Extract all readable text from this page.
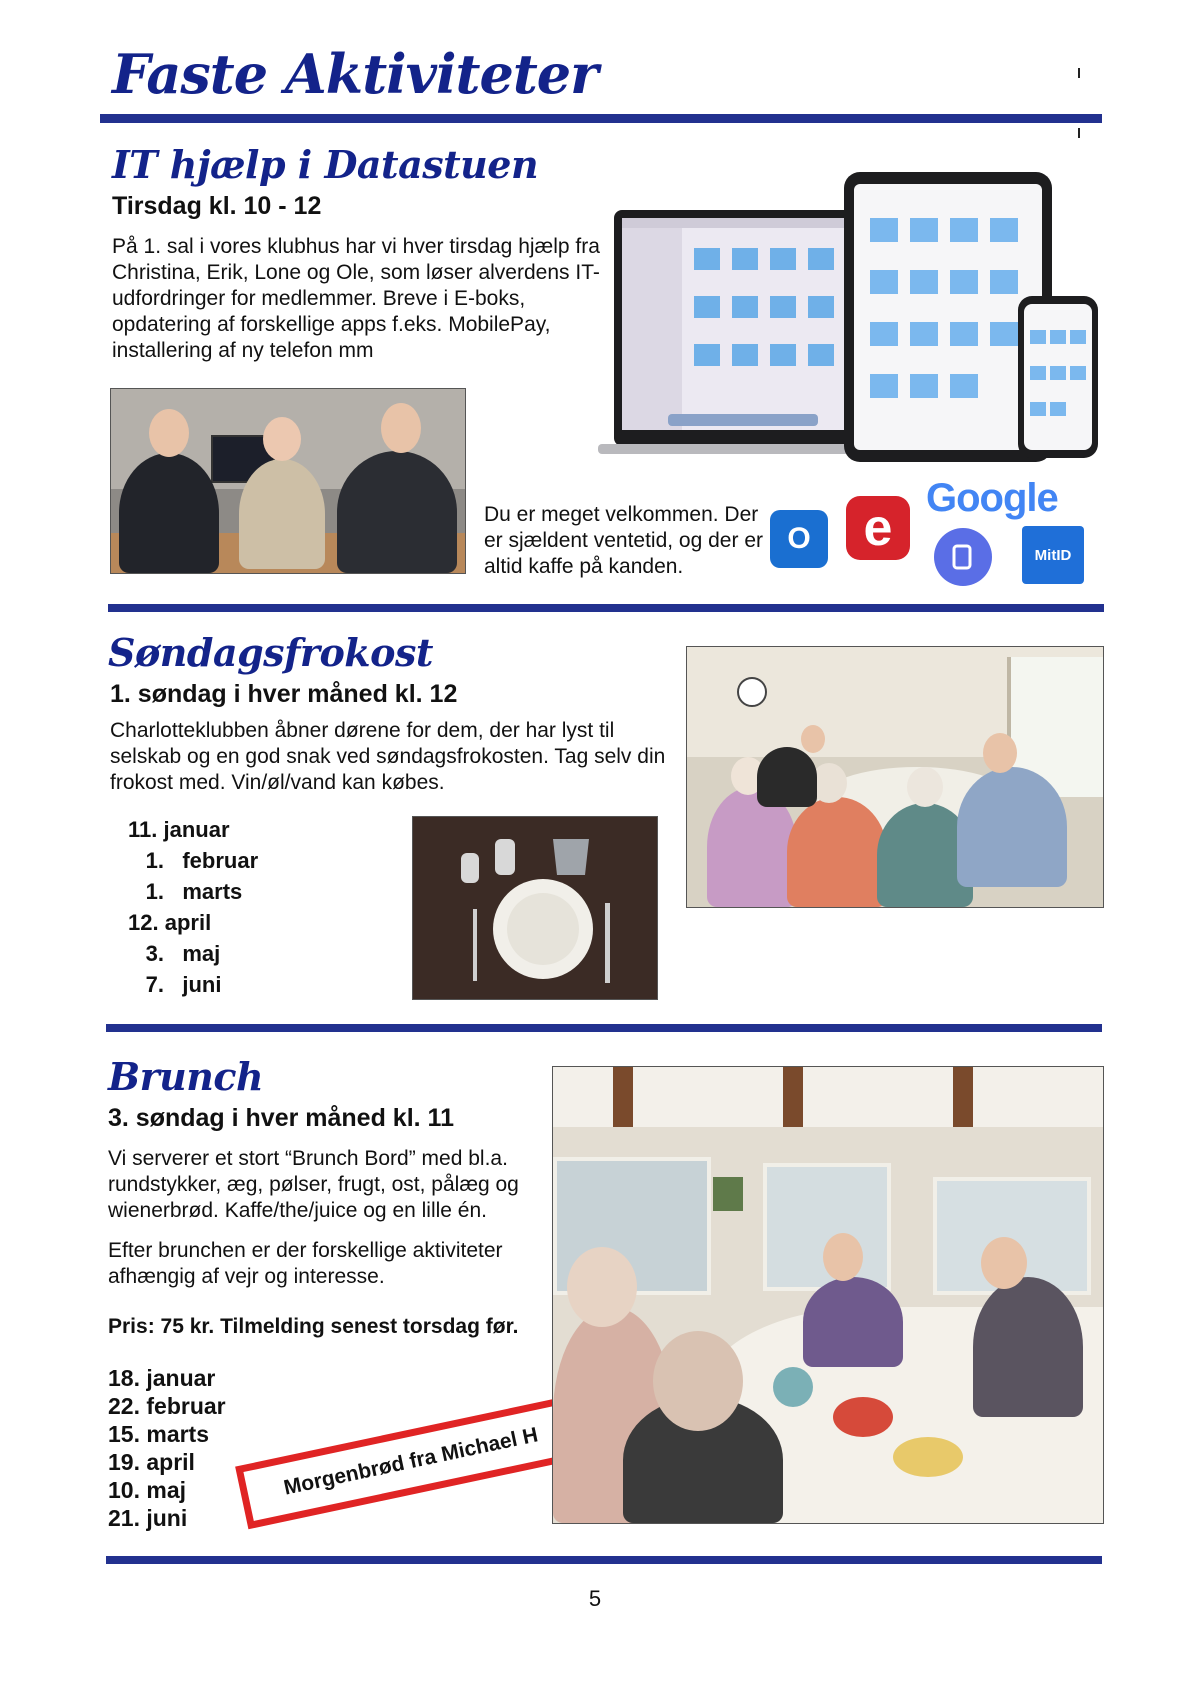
Faste Aktiviteter
IT hjælp i Datastuen
Tirsdag kl. 10 - 12
På 1. sal i vores klubhus har vi hver tirsdag hjælp fra Christina, Erik, Lone og Ole, som løser alverdens IT-udfordringer for medlemmer. Breve i E-boks, opdatering af forskellige apps f.eks. MobilePay, installering af ny telefon mm
Du er meget velkommen. Der er sjældent ventetid, og der er altid kaffe på kanden.
O	e
Google
MitID
Søndagsfrokost
1. søndag i hver måned kl. 12
Charlotteklubben åbner dørene for dem, der har lyst til selskab og en god snak ved søndagsfrokosten. Tag selv din frokost med. Vin/øl/vand kan købes.
11. januar
1. februar
1. marts
12. april
3. maj
7. juni
Brunch
3. søndag i hver måned kl. 11
Vi serverer et stort “Brunch Bord” med bl.a. rundstykker, æg, pølser, frugt, ost, pålæg og wienerbrød. Kaffe/the/juice og en lille én.
Efter brunchen er der forskellige aktiviteter afhængig af vejr og interesse.
Pris: 75 kr. Tilmelding senest torsdag før.
18. januar
22. februar
15. marts
19. april
10. maj
21. juni
Morgenbrød fra Michael H
5
